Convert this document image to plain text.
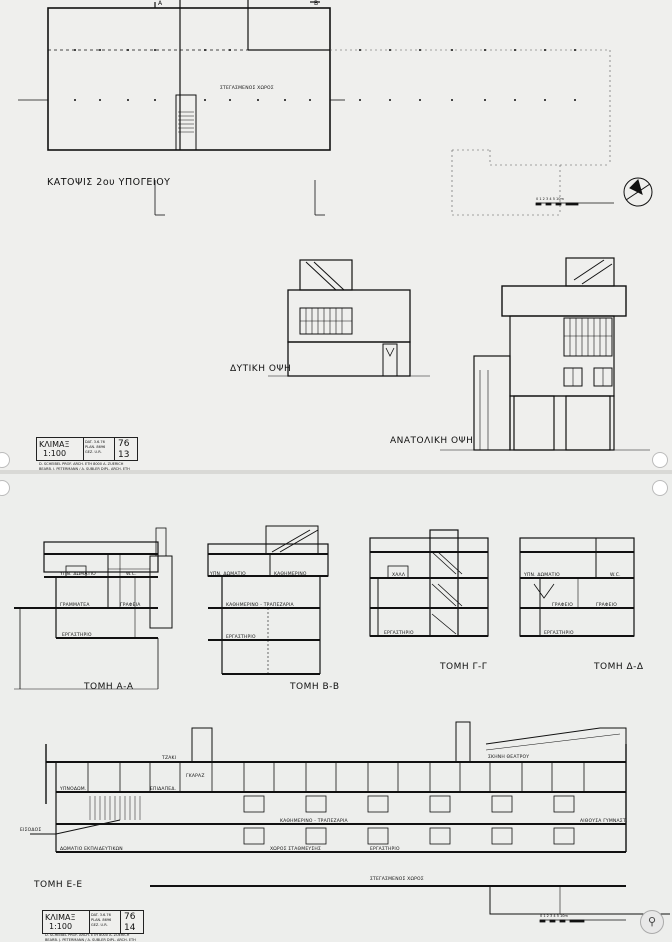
ΚΑΤΟΨΙΣ 2ου ΥΠΟΓΕΙΟΥ
ΣΤΕΓΑΣΜΕΝΟΣ ΧΩΡΟΣ
A	B
ΔΥΤΙΚΗ ΟΨΗ
ΑΝΑΤΟΛΙΚΗ ΟΨΗ
0 1 2 3 4 5 10m
ΚΛΙΜΑΞ
1:100
DAT. 3.6.76
PLAN. 8696
GEZ. U.R.
76
13
D. SCHEIBEL PROF. ARCH. ETH 8000 A. ZUERICH
BEARB. J. PETERMANN / A. SUBLER DIPL. ARCH. ETH
ΤΟΜΗ Α-Α	ΤΟΜΗ Β-Β
ΤΟΜΗ Γ-Γ	ΤΟΜΗ Δ-Δ
ΤΟΜΗ Ε-Ε
ΥΠΝ. ΔΩΜΑΤΙΟ	W.C.
ΓΡΑΦΕΙΑ
ΓΡΑΜΜΑΤΕΑ
ΕΡΓΑΣΤΗΡΙΟ
ΥΠΝ. ΔΩΜΑΤΙΟ	ΚΑΘΗΜΕΡΙΝΟ
ΚΑΘΗΜΕΡΙΝΟ - ΤΡΑΠΕΖΑΡΙΑ
ΕΡΓΑΣΤΗΡΙΟ
ΧΑΛΛ
ΕΡΓΑΣΤΗΡΙΟ
ΥΠΝ. ΔΩΜΑΤΙΟ	W.C.
ΓΡΑΦΕΙΟ	ΓΡΑΦΕΙΟ
ΕΡΓΑΣΤΗΡΙΟ
ΤΖΑΚΙ
ΥΠΝΟΔΩΜ.	ΕΠΙΔΑΠΕΔ.
ΓΚΑΡΑΖ
ΚΑΘΗΜΕΡΙΝΟ - ΤΡΑΠΕΖΑΡΙΑ
ΔΩΜΑΤΙΟ ΕΚΠΑΙΔΕΥΤΙΚΩΝ	ΧΩΡΟΣ ΣΤΑΘΜΕΥΣΗΣ	ΕΡΓΑΣΤΗΡΙΟ
ΣΤΕΓΑΣΜΕΝΟΣ ΧΩΡΟΣ
ΣΚΗΝΗ ΘΕΑΤΡΟΥ
ΑΙΘΟΥΣΑ ΓΥΜΝΑΣΤ.
ΕΙΣΟΔΟΣ
0 1 2 3 4 5 10m
ΚΛΙΜΑΞ
1:100
DAT. 3.6.76
PLAN. 8696
GEZ. U.R.
76
14
D. SCHEIBEL PROF. ARCH. ETH 8000 A. ZUERICH
BEARB. J. PETERMANN / A. SUBLER DIPL. ARCH. ETH
⚲
